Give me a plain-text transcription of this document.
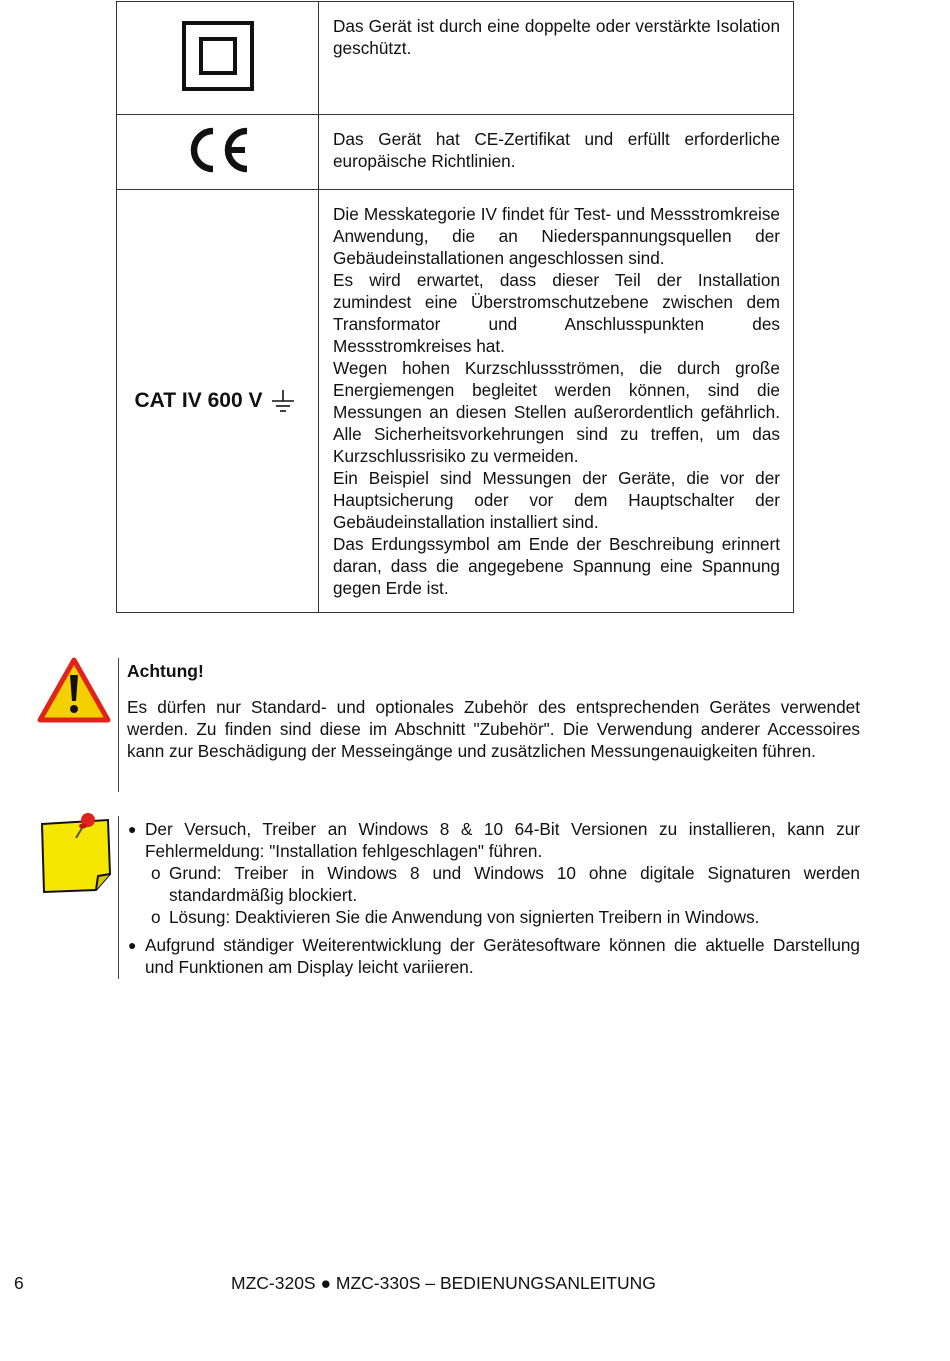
Das Gerät ist durch eine doppelte oder verstärkte Isolation geschützt.

Das Gerät hat CE-Zertifikat und erfüllt erforderliche europäische Richtlinien.

CAT IV 600 V	Die Messkategorie IV findet für Test- und Messstromkreise Anwendung, die an Niederspannungsquellen der Gebäudeinstallationen angeschlossen sind.

Es wird erwartet, dass dieser Teil der Installation zumindest eine Überstromschutzebene zwischen dem Transformator und Anschlusspunkten des Messstromkreises hat.

Wegen hohen Kurzschlussströmen, die durch große Energiemengen begleitet werden können, sind die Messungen an diesen Stellen außerordentlich gefährlich. Alle Sicherheitsvorkehrungen sind zu treffen, um das Kurzschlussrisiko zu vermeiden.

Ein Beispiel sind Messungen der Geräte, die vor der Hauptsicherung oder vor dem Hauptschalter der Gebäudeinstallation installiert sind.

Das Erdungssymbol am Ende der Beschreibung erinnert daran, dass die angegebene Spannung eine Spannung gegen Erde ist.

Achtung!
Es dürfen nur Standard- und optionales Zubehör des entsprechenden Gerätes verwendet werden. Zu finden sind diese im Abschnitt "Zubehör". Die Verwendung anderer Accessoires kann zur Beschädigung der Messeingänge und zusätzlichen Messungenauigkeiten führen.
● Der Versuch, Treiber an Windows 8 & 10 64-Bit Versionen zu installieren, kann zur Fehlermeldung: "Installation fehlgeschlagen" führen.
o Grund: Treiber in Windows 8 und Windows 10 ohne digitale Signaturen werden standardmäßig blockiert.
o Lösung: Deaktivieren Sie die Anwendung von signierten Treibern in Windows.
● Aufgrund ständiger Weiterentwicklung der Gerätesoftware können die aktuelle Darstellung und Funktionen am Display leicht variieren.
6	MZC-320S ● MZC-330S – BEDIENUNGSANLEITUNG
